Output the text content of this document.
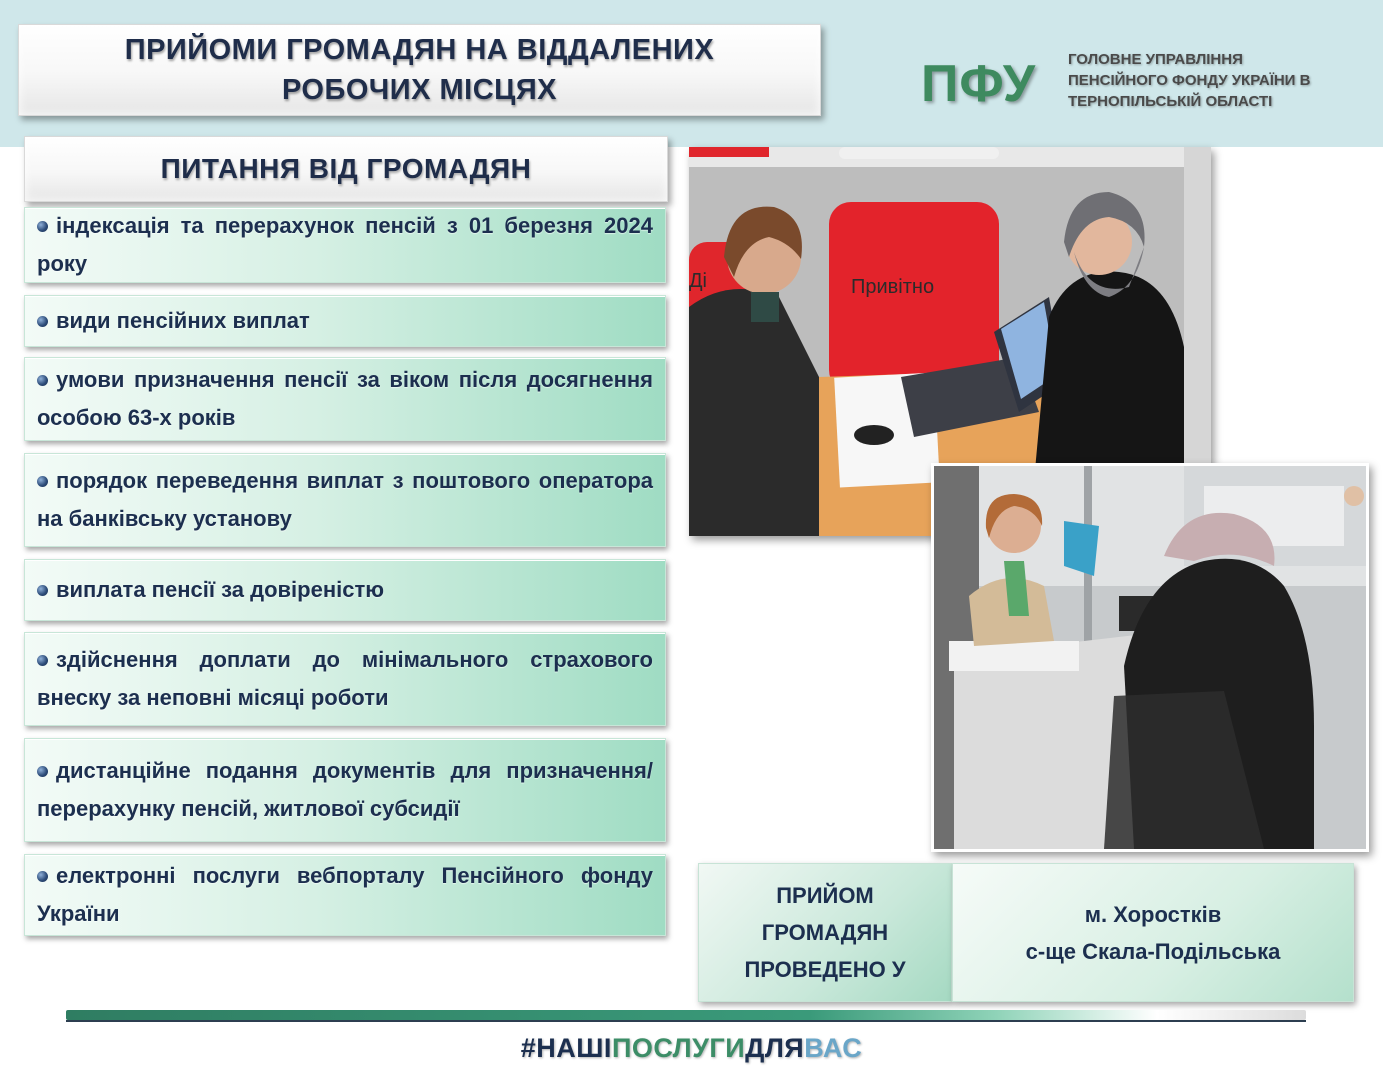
ПРИЙОМИ ГРОМАДЯН НА ВІДДАЛЕНИХ
РОБОЧИХ МІСЦЯХ	ПФУ ГОЛОВНЕ УПРАВЛІННЯ
ПЕНСІЙНОГО ФОНДУ УКРАЇНИ В
ТЕРНОПІЛЬСЬКІЙ ОБЛАСТІ
ПИТАННЯ ВІД ГРОМАДЯН
індексація та перерахунок пенсій з 01 березня 2024 року
види пенсійних виплат
умови призначення пенсії за віком після досягнення особою 63-х років
порядок переведення виплат з поштового оператора на банківську установу
виплата пенсії за довіреністю
здійснення доплати до мінімального страхового внеску за неповні місяці роботи
дистанційне подання документів для призначення/перерахунку пенсій, житлової субсидії
електронні послуги вебпорталу Пенсійного фонду України
Привітно
Ді
ПРИЙОМ
ГРОМАДЯН
ПРОВЕДЕНО У
м. Хоростків
с-ще Скала-Подільська
#НАШІПОСЛУГИДЛЯВАС
